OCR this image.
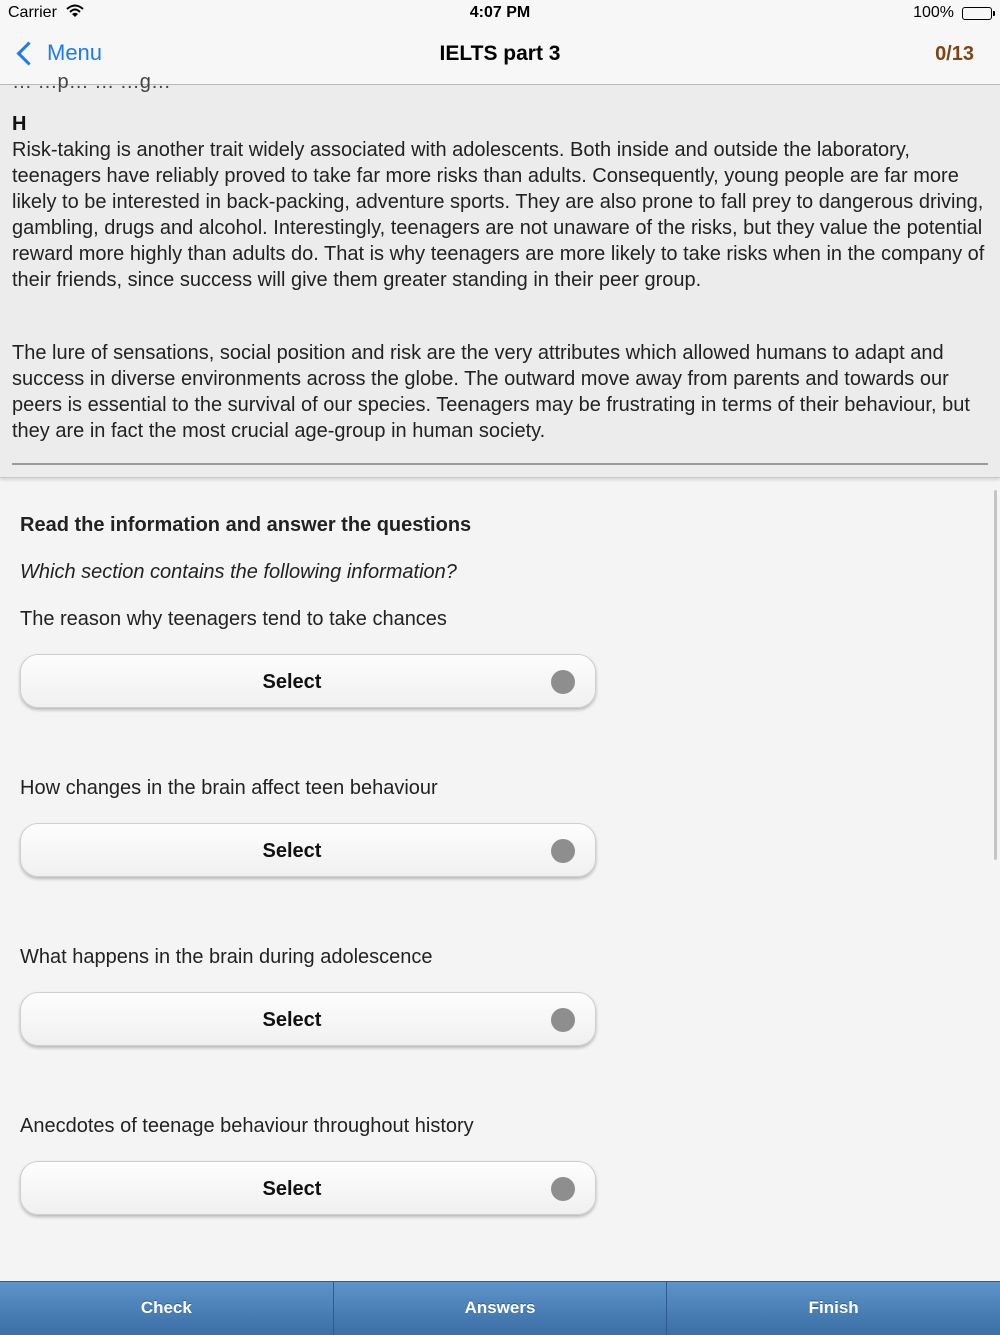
Carrier	4:07 PM	100%
Menu	IELTS part 3	0/13
… …p… … …g…
H

Risk-taking is another trait widely associated with adolescents. Both inside and outside the laboratory, teenagers have reliably proved to take far more risks than adults. Consequently, young people are far more likely to be interested in back-packing, adventure sports. They are also prone to fall prey to dangerous driving, gambling, drugs and alcohol. Interestingly, teenagers are not unaware of the risks, but they value the potential reward more highly than adults do. That is why teenagers are more likely to take risks when in the company of their friends, since success will give them greater standing in their peer group.

The lure of sensations, social position and risk are the very attributes which allowed humans to adapt and success in diverse environments across the globe. The outward move away from parents and towards our peers is essential to the survival of our species. Teenagers may be frustrating in terms of their behaviour, but they are in fact the most crucial age-group in human society.

Read the information and answer the questions
Which section contains the following information?
The reason why teenagers tend to take chances
Select
How changes in the brain affect teen behaviour
Select
What happens in the brain during adolescence
Select
Anecdotes of teenage behaviour throughout history
Select
Check	Answers	Finish
